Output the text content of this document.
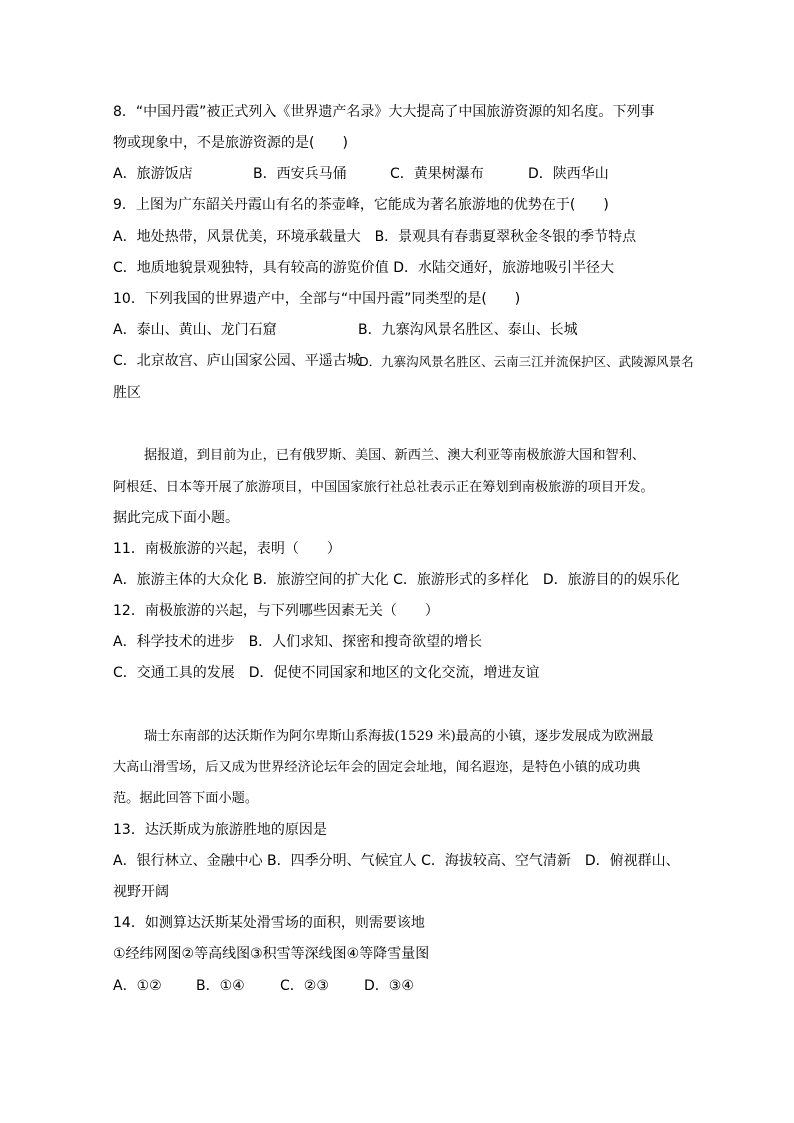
8．“中国丹霞”被正式列入《世界遗产名录》大大提高了中国旅游资源的知名度。下列事
物或现象中，不是旅游资源的是(　　)
A．旅游饭店	B．西安兵马俑	C．黄果树瀑布	D．陕西华山
9．上图为广东韶关丹霞山有名的茶壶峰，它能成为著名旅游地的优势在于(　　)
A．地处热带，风景优美，环境承载量大　B．景观具有春翡夏翠秋金冬银的季节特点
C．地质地貌景观独特，具有较高的游览价值 D．水陆交通好，旅游地吸引半径大
10．下列我国的世界遗产中，全部与“中国丹霞”同类型的是(　　)
A．泰山、黄山、龙门石窟	B．九寨沟风景名胜区、泰山、长城
C．北京故宫、庐山国家公园、平遥古城
D．九寨沟风景名胜区、云南三江并流保护区、武陵源风景名
胜区
据报道，到目前为止，已有俄罗斯、美国、新西兰、澳大利亚等南极旅游大国和智利、
阿根廷、日本等开展了旅游项目，中国国家旅行社总社表示正在筹划到南极旅游的项目开发。
据此完成下面小题。
11．南极旅游的兴起，表明（　　）
A．旅游主体的大众化 B．旅游空间的扩大化 C．旅游形式的多样化　D．旅游目的的娱乐化
12．南极旅游的兴起，与下列哪些因素无关（　　）
A．科学技术的进步　B．人们求知、探密和搜奇欲望的增长
C．交通工具的发展　D．促使不同国家和地区的文化交流，增进友谊
瑞士东南部的达沃斯作为阿尔卑斯山系海拔(1529 米)最高的小镇，逐步发展成为欧洲最
大高山滑雪场，后又成为世界经济论坛年会的固定会址地，闻名遐迩，是特色小镇的成功典
范。据此回答下面小题。
13．达沃斯成为旅游胜地的原因是
A．银行林立、金融中心 B．四季分明、气候宜人 C．海拔较高、空气清新　D．俯视群山、
视野开阔
14．如测算达沃斯某处滑雪场的面积，则需要该地
①经纬网图②等高线图③积雪等深线图④等降雪量图
A．①② B．①④	C．②③	D．③④
